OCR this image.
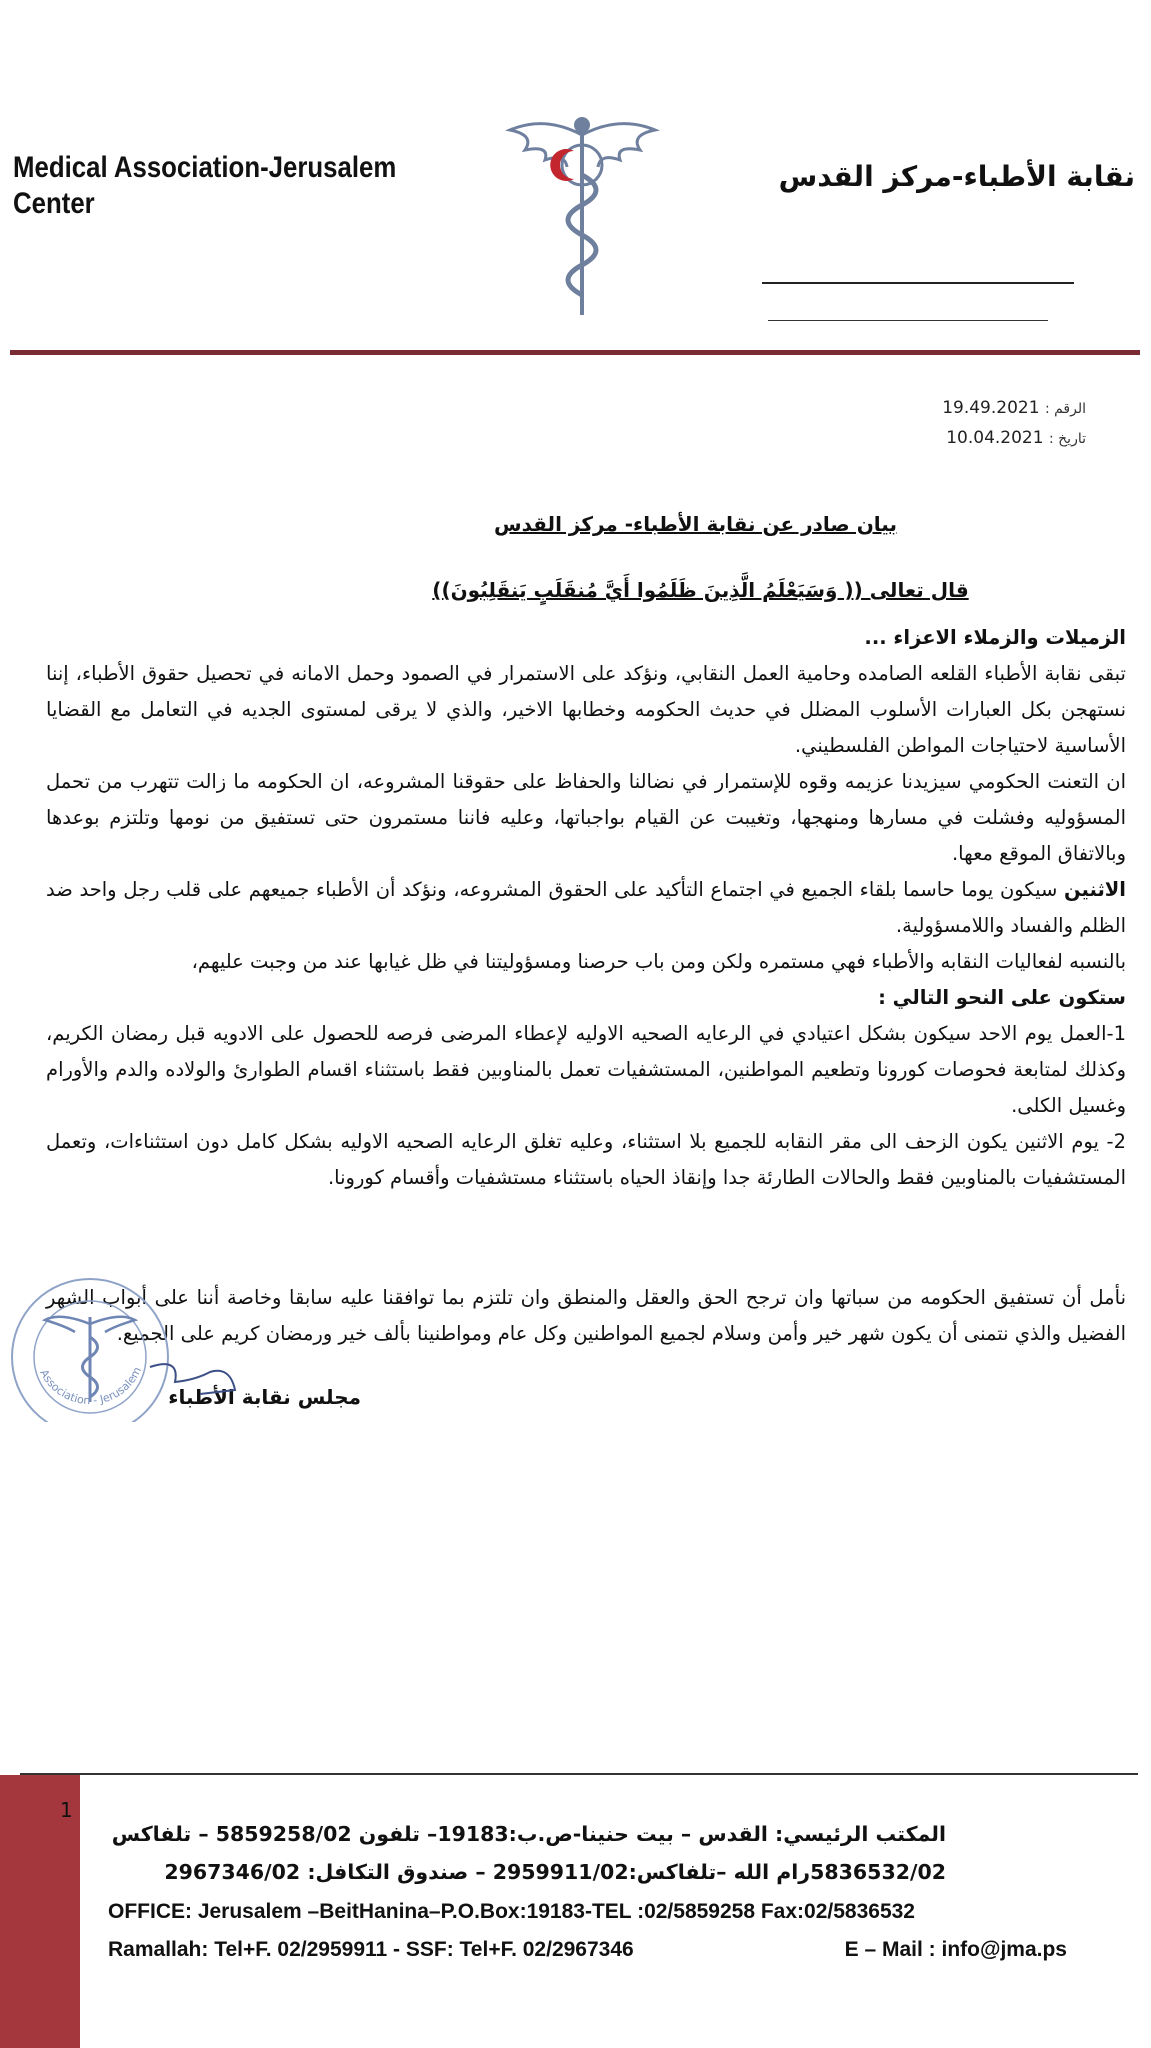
Medical Association-Jerusalem Center
نقابة الأطباء-مركز القدس
الرقم : 19.49.2021
تاريخ : 10.04.2021
بيان صادر عن نقابة الأطباء- مركز القدس
قال تعالى (( وَسَيَعْلَمُ الَّذِينَ ظَلَمُوا أَيَّ مُنقَلَبٍ يَنقَلِبُونَ))

الزميلات والزملاء الاعزاء ...

تبقى نقابة الأطباء القلعه الصامده وحامية العمل النقابي، ونؤكد على الاستمرار في الصمود وحمل الامانه في تحصيل حقوق الأطباء، إننا نستهجن بكل العبارات الأسلوب المضلل في حديث الحكومه وخطابها الاخير، والذي لا يرقى لمستوى الجديه في التعامل مع القضايا الأساسية لاحتياجات المواطن الفلسطيني.

ان التعنت الحكومي سيزيدنا عزيمه وقوه للإستمرار في نضالنا والحفاظ على حقوقنا المشروعه، ان الحكومه ما زالت تتهرب من تحمل المسؤوليه وفشلت في مسارها ومنهجها، وتغيبت عن القيام بواجباتها، وعليه فاننا مستمرون حتى تستفيق من نومها وتلتزم بوعدها وبالاتفاق الموقع معها.

الاثنين سيكون يوما حاسما بلقاء الجميع في اجتماع التأكيد على الحقوق المشروعه، ونؤكد أن الأطباء جميعهم على قلب رجل واحد ضد الظلم والفساد واللامسؤولية.

بالنسبه لفعاليات النقابه والأطباء فهي مستمره ولكن ومن باب حرصنا ومسؤوليتنا في ظل غيابها عند من وجبت عليهم،

ستكون على النحو التالي :

1-العمل يوم الاحد سيكون بشكل اعتيادي في الرعايه الصحيه الاوليه لإعطاء المرضى فرصه للحصول على الادويه قبل رمضان الكريم، وكذلك لمتابعة فحوصات كورونا وتطعيم المواطنين، المستشفيات تعمل بالمناوبين فقط باستثناء اقسام الطوارئ والولاده والدم والأورام وغسيل الكلى.

2- يوم الاثنين يكون الزحف الى مقر النقابه للجميع بلا استثناء، وعليه تغلق الرعايه الصحيه الاوليه بشكل كامل دون استثناءات، وتعمل المستشفيات بالمناوبين فقط والحالات الطارئة جدا وإنقاذ الحياه باستثناء مستشفيات وأقسام كورونا.

نأمل أن تستفيق الحكومه من سباتها وان ترجح الحق والعقل والمنطق وان تلتزم بما توافقنا عليه سابقا وخاصة أننا على أبواب الشهر الفضيل والذي نتمنى أن يكون شهر خير وأمن وسلام لجميع المواطنين وكل عام ومواطنينا بألف خير ورمضان كريم على الجميع.

مجلس نقابة الأطباء
Association - Jerusalem
1
المكتب الرئيسي: القدس – بيت حنينا-ص.ب:19183– تلفون 5859258/02 – تلفاكس
5836532/02رام الله –تلفاكس:2959911/02 – صندوق التكافل: 2967346/02
OFFICE: Jerusalem –BeitHanina–P.O.Box:19183-TEL :02/5859258 Fax:02/5836532
Ramallah: Tel+F. 02/2959911 - SSF: Tel+F. 02/2967346	E – Mail : info@jma.ps
